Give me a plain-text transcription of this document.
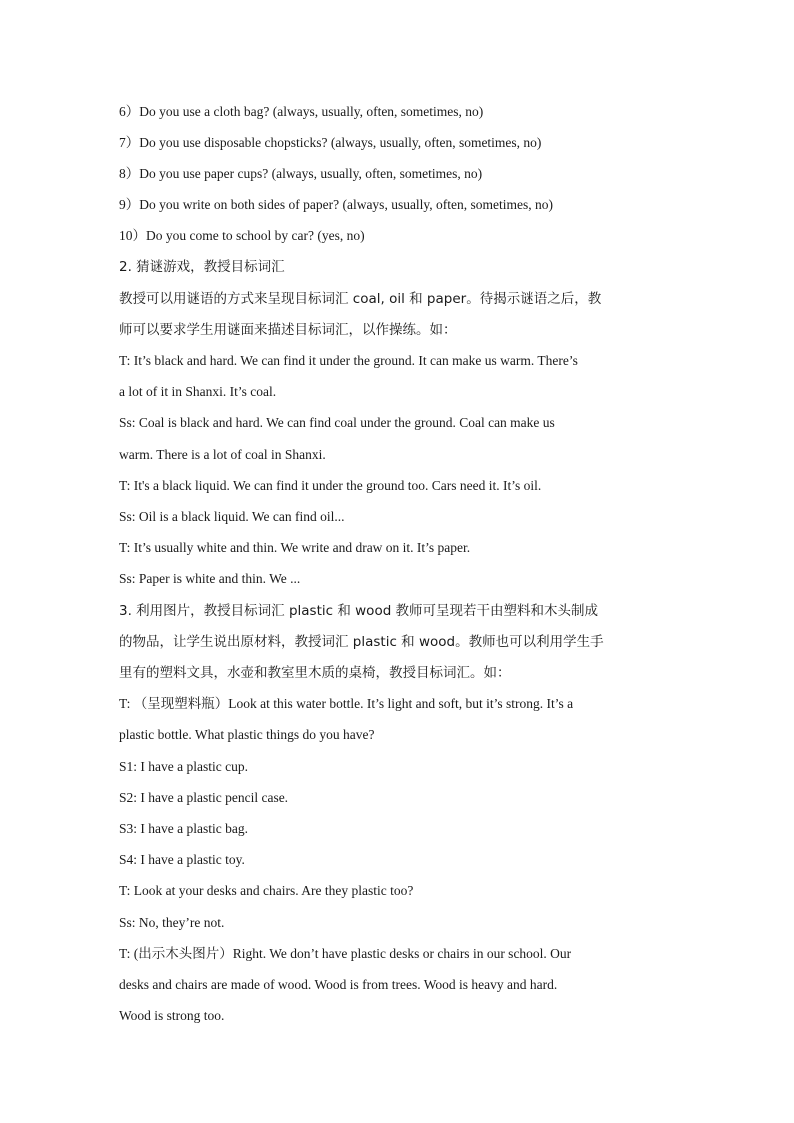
6）Do you use a cloth bag? (always, usually, often, sometimes, no)
7）Do you use disposable chopsticks? (always, usually, often, sometimes, no)
8）Do you use paper cups? (always, usually, often, sometimes, no)
9）Do you write on both sides of paper? (always, usually, often, sometimes, no)
10）Do you come to school by car? (yes, no)
2. 猜谜游戏，教授目标词汇
教授可以用谜语的方式来呈现目标词汇 coal, oil 和 paper。待揭示谜语之后，教
师可以要求学生用谜面来描述目标词汇，以作操练。如：
T: It’s black and hard. We can find it under the ground. It can make us warm. There’s
a lot of it in Shanxi. It’s coal.
Ss: Coal is black and hard. We can find coal under the ground. Coal can make us
warm. There is a lot of coal in Shanxi.
T: It's a black liquid. We can find it under the ground too. Cars need it. It’s oil.
Ss: Oil is a black liquid. We can find oil...
T: It’s usually white and thin. We write and draw on it. It’s paper.
Ss: Paper is white and thin. We ...
3. 利用图片，教授目标词汇 plastic 和 wood 教师可呈现若干由塑料和木头制成
的物品，让学生说出原材料，教授词汇 plastic 和 wood。教师也可以利用学生手
里有的塑料文具，水壶和教室里木质的桌椅，教授目标词汇。如：
T: （呈现塑料瓶）Look at this water bottle. It’s light and soft, but it’s strong. It’s a
plastic bottle. What plastic things do you have?
S1: I have a plastic cup.
S2: I have a plastic pencil case.
S3: I have a plastic bag.
S4: I have a plastic toy.
T: Look at your desks and chairs. Are they plastic too?
Ss: No, they’re not.
T: (出示木头图片）Right. We don’t have plastic desks or chairs in our school. Our
desks and chairs are made of wood. Wood is from trees. Wood is heavy and hard.
Wood is strong too.
